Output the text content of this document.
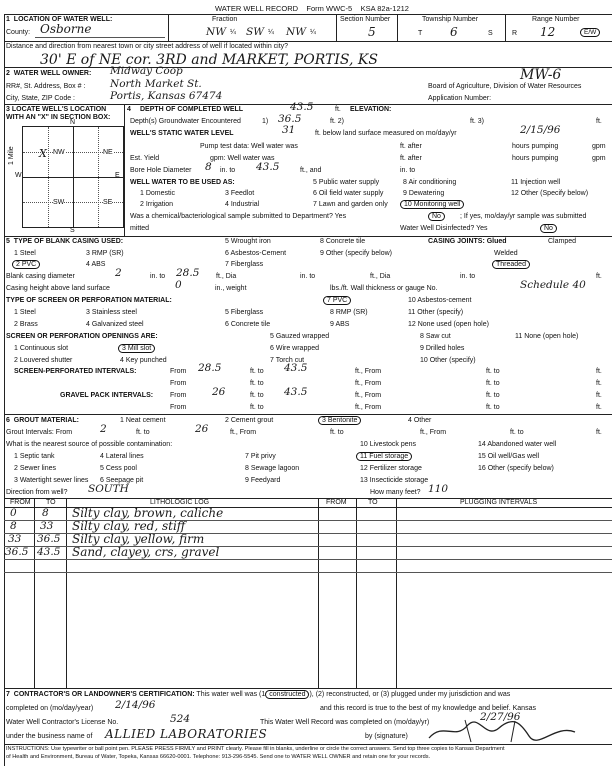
WATER WELL RECORD Form WWC-5 KSA 82a-1212
1 LOCATION OF WATER WELL:
County: Osborne
Fraction
NW ¼ SW ¼ NW ¼
Section Number
5
Township Number
T 6	S
Range Number
R 12	E/W
Distance and direction from nearest town or city street address of well if located within city?
30' E of NE cor. 3RD and MARKET, PORTIS, KS
2 WATER WELL OWNER: Midway Coop
RR#, St. Address, Box # : North Market St.
City, State, ZIP Code :	Portis, Kansas 67474
Board of Agriculture, Division of Water Resources
Application Number:
MW-6
3 LOCATE WELL'S LOCATION WITH AN "X" IN SECTION BOX:
1 Mile	NW	NE
SW	SE
X
N
S
W	E
4 DEPTH OF COMPLETED WELL	43.5	ft. ELEVATION:
Depth(s) Groundwater Encountered	1) 36.5	ft. 2)	ft. 3)	ft.
WELL'S STATIC WATER LEVEL	31	ft. below land surface measured on mo/day/yr	2/15/96
Pump test data: Well water was	ft. after	hours pumping	gpm
Est. Yield	gpm: Well water was	ft. after	hours pumping	gpm
Bore Hole Diameter 8 in. to 43.5	ft., and	in. to
WELL WATER TO BE USED AS:	5 Public water supply	8 Air conditioning	11 Injection well
1 Domestic	3 Feedlot	6 Oil field water supply	9 Dewatering	12 Other (Specify below)
2 Irrigation	4 Industrial	7 Lawn and garden only	10 Monitoring well
Was a chemical/bacteriological sample submitted to Department? Yes	No	; If yes, mo/day/yr sample was submitted
mitted	Water Well Disinfected? Yes	No
5 TYPE OF BLANK CASING USED:
1 Steel	3 RMP (SR)
5 Wrought iron	8 Concrete tile
2 PVC	4 ABS
6 Asbestos-Cement	9 Other (specify below)
7 Fiberglass
CASING JOINTS: Glued	Clamped
Welded
Threaded
Blank casing diameter	2	in. to 28.5 ft., Dia	in. to	ft., Dia	in. to	ft.
Casing height above land surface	0	in., weight	lbs./ft. Wall thickness or gauge No.	Schedule 40
TYPE OF SCREEN OR PERFORATION MATERIAL:	7 PVC	10 Asbestos-cement
1 Steel	3 Stainless steel	5 Fiberglass	8 RMP (SR)	11 Other (specify)
2 Brass	4 Galvanized steel	6 Concrete tile	9 ABS	12 None used (open hole)
SCREEN OR PERFORATION OPENINGS ARE:	5 Gauzed wrapped	8 Saw cut	11 None (open hole)
1 Continuous slot	3 Mill slot	6 Wire wrapped	9 Drilled holes
2 Louvered shutter	4 Key punched	7 Torch cut	10 Other (specify)
SCREEN-PERFORATED INTERVALS:	From 28.5	ft. to 43.5	ft., From	ft. to	ft.
From	ft. to	ft., From	ft. to	ft.
GRAVEL PACK INTERVALS: From 26	ft. to 43.5	ft., From	ft. to	ft.
From	ft. to	ft., From	ft. to	ft.
6 GROUT MATERIAL:	1 Neat cement	2 Cement grout	3 Bentonite	4 Other
Grout Intervals: From	2	ft. to	26	ft., From	ft. to	ft., From	ft. to	ft.
What is the nearest source of possible contamination:	10 Livestock pens	14 Abandoned water well
1 Septic tank	4 Lateral lines	7 Pit privy	11 Fuel storage	15 Oil well/Gas well
2 Sewer lines	5 Cess pool	8 Sewage lagoon	12 Fertilizer storage	16 Other (specify below)
3 Watertight sewer lines 6 Seepage pit	9 Feedyard	13 Insecticide storage
Direction from well? SOUTH	How many feet? 110
FROM TO	LITHOLOGIC LOG	FROM	TO	PLUGGING INTERVALS
0 8 Silty clay, brown, caliche
8 33 Silty clay, red, stiff
33 36.5 Silty clay, yellow, firm
36.5 43.5 Sand, clayey, crs, gravel
7 CONTRACTOR'S OR LANDOWNER'S CERTIFICATION: This water well was (1 constructed ), (2) reconstructed, or (3) plugged under my jurisdiction and was
completed on (mo/day/year) 2/14/96	and this record is true to the best of my knowledge and belief. Kansas
Water Well Contractor's License No.	524	This Water Well Record was completed on (mo/day/yr)	2/27/96
under the business name of ALLIED LABORATORIES	by (signature)
INSTRUCTIONS: Use typewriter or ball point pen. PLEASE PRESS FIRMLY and PRINT clearly. Please fill in blanks, underline or circle the correct answers. Send top three copies to Kansas Department
of Health and Environment, Bureau of Water, Topeka, Kansas 66620-0001. Telephone: 913-296-5545. Send one to WATER WELL OWNER and retain one for your records.
